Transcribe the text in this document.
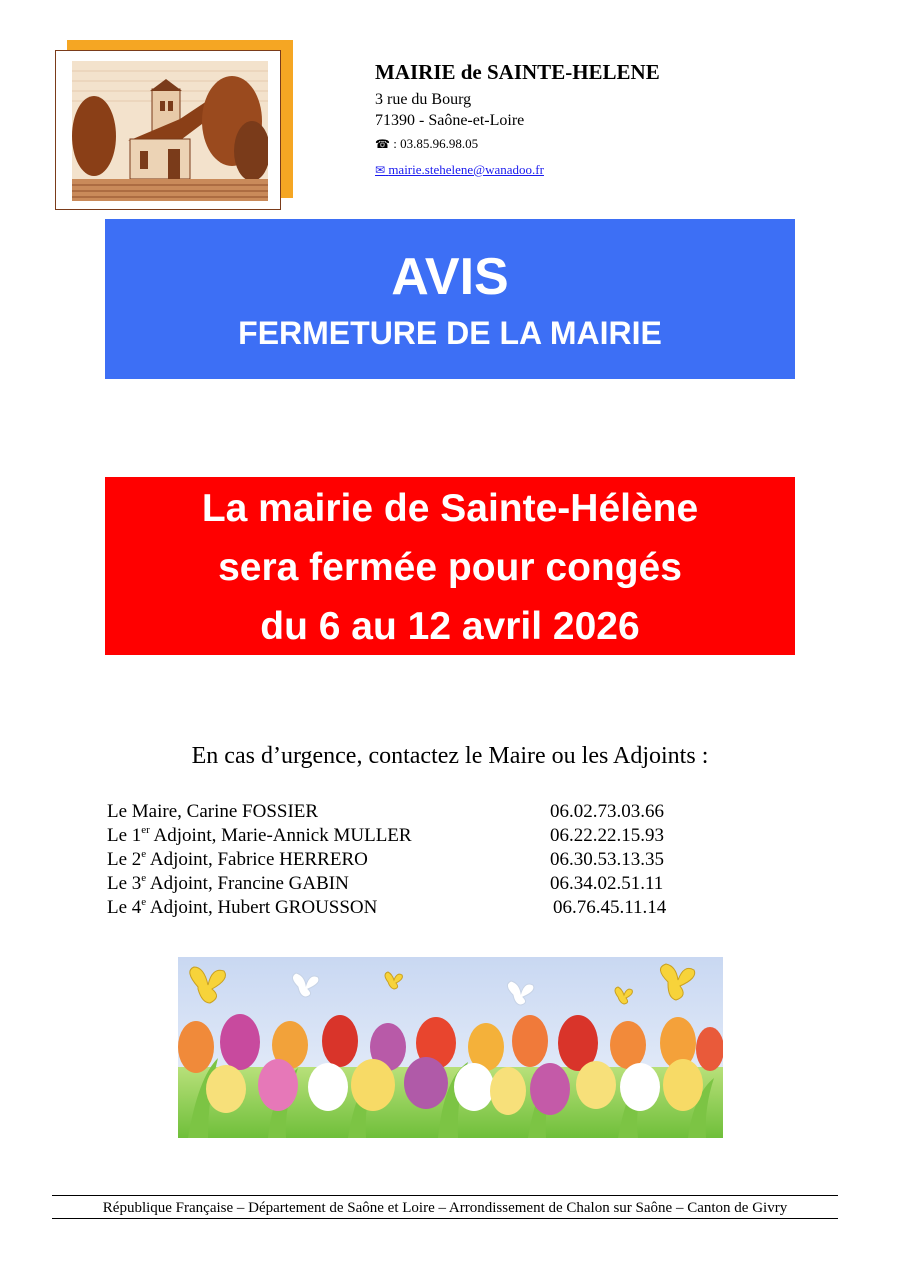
MAIRIE de SAINTE-HELENE
3 rue du Bourg
71390 - Saône-et-Loire
☎ : 03.85.96.98.05
✉ mairie.stehelene@wanadoo.fr
AVIS
FERMETURE DE LA MAIRIE
La mairie de Sainte-Hélène
sera fermée pour congés
du 6 au 12 avril 2026
En cas d’urgence, contactez le Maire ou les Adjoints :
Le Maire, Carine FOSSIER	06.02.73.03.66
Le 1er Adjoint, Marie-Annick MULLER	06.22.22.15.93
Le 2e Adjoint, Fabrice HERRERO	06.30.53.13.35
Le 3e Adjoint, Francine GABIN	06.34.02.51.11
Le 4e Adjoint, Hubert GROUSSON	06.76.45.11.14
République Française – Département de Saône et Loire – Arrondissement de Chalon sur Saône – Canton de Givry
